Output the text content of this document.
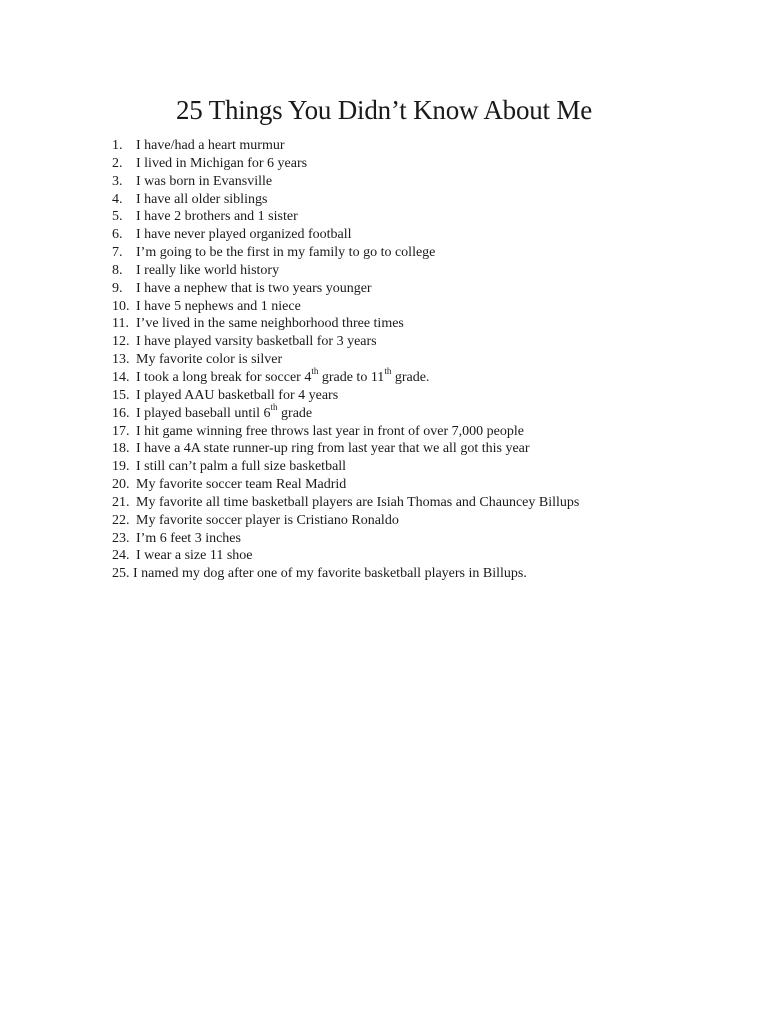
25 Things You Didn’t Know About Me
1. I have/had a heart murmur
2. I lived in Michigan for 6 years
3. I was born in Evansville
4. I have all older siblings
5. I have 2 brothers and 1 sister
6. I have never played organized football
7. I’m going to be the first in my family to go to college
8. I really like world history
9. I have a nephew that is two years younger
10. I have 5 nephews and 1 niece
11. I’ve lived in the same neighborhood three times
12. I have played varsity basketball for 3 years
13. My favorite color is silver
14. I took a long break for soccer 4th grade to 11th grade.
15. I played AAU basketball for 4 years
16. I played baseball until 6th grade
17. I hit game winning free throws last year in front of over 7,000 people
18. I have a 4A state runner-up ring from last year that we all got this year
19. I still can’t palm a full size basketball
20. My favorite soccer team Real Madrid
21. My favorite all time basketball players are Isiah Thomas and Chauncey Billups
22. My favorite soccer player is Cristiano Ronaldo
23. I’m 6 feet 3 inches
24. I wear a size 11 shoe
25. I named my dog after one of my favorite basketball players in Billups.
